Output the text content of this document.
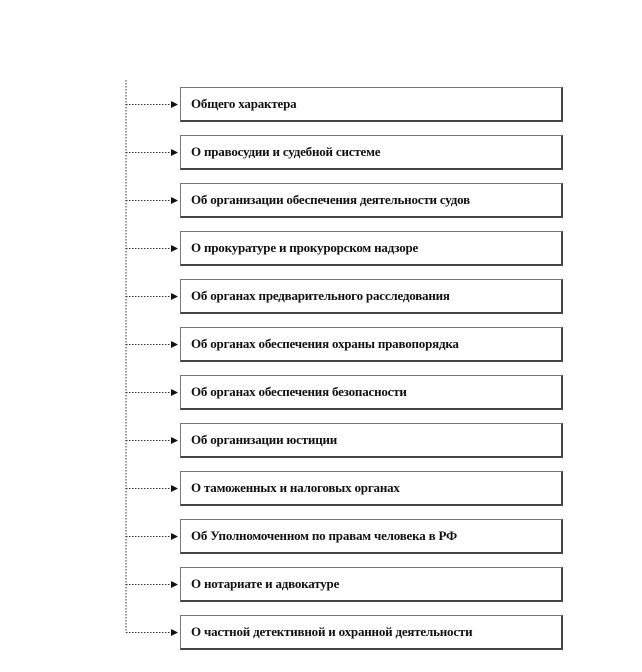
Общего характера
О правосудии и судебной системе
Об организации обеспечения деятельности судов
О прокуратуре и прокурорском надзоре
Об органах предварительного расследования
Об органах обеспечения охраны правопорядка
Об органах обеспечения безопасности
Об организации юстиции
О таможенных и налоговых органах
Об Уполномоченном по правам человека в РФ
О нотариате и адвокатуре
О частной детективной и охранной деятельности
